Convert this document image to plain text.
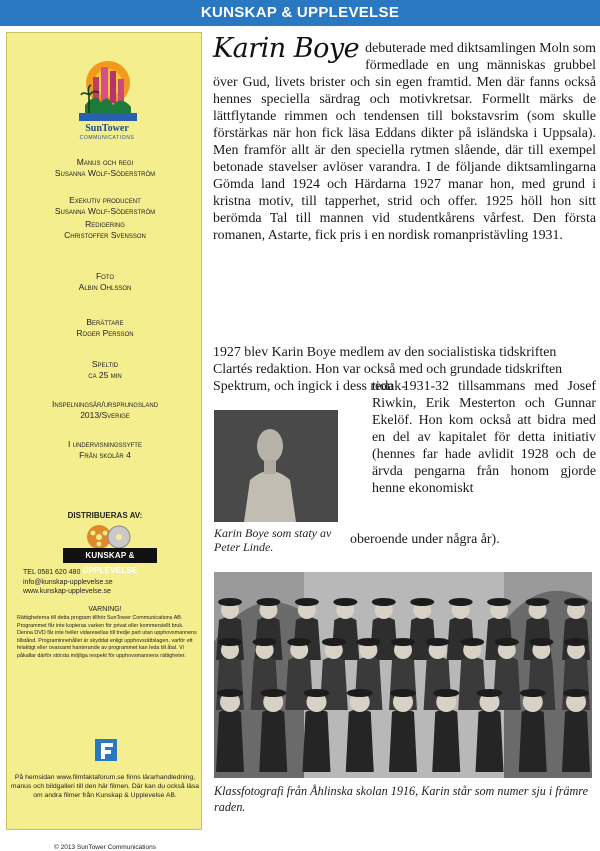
KUNSKAP & UPPLEVELSE
SunTower
COMMUNICATIONS
Manus och regi
Susanna Wolf-Söderström
Exekutiv producent
Susanna Wolf-Söderström
Redigering
Christoffer Svensson
Foto
Albin Ohlsson
Berättare
Roger Persson
Speltid
ca 25 min
Inspelningsår/ursprungsland
2013/Sverige
I undervisningssyfte
Från skolår 4
DISTRIBUERAS AV:
KUNSKAP & UPPLEVELSE
TEL 0581 620 480
info@kunskap-upplevelse.se
www.kunskap-upplevelse.se
VARNING!
Rättigheterna till detta program tillhör SunTower Communications AB. Programmet får inte kopieras varken för privat eller kommersiellt bruk. Denna DVD får inte heller vidareselias till tredje part utan upphovsmannens tillstånd. Programinnehållet är skyddat enligt upphovsrättslagen, varför ett felaktigt eller ovarsamt hanterande av programmet kan leda till åtal. Vi påkallar därför största möjliga respekt för upphovsmannens rättigheter.
På hemsidan www.filmfaktaforum.se finns lärarhandledning, manus och bildgalleri till den här filmen. Där kan du också läsa om andra filmer från Kunskap & Upplevelse AB.
© 2013 SunTower Communications
Karin Boye debuterade med diktsamlingen Moln som förmedlade en ung människas grubbel över Gud, livets brister och sin egen framtid. Men där fanns också hennes speciella särdrag och motivkretsar. Formellt märks de lättflytande rimmen och tendensen till bokstavsrim (som skulle förstärkas när hon fick läsa Eddans dikter på isländska i Uppsala). Men framför allt är den speciella rytmen slående, där till exempel betonade stavelser avlöser varandra. I de följande diktsamlingarna Gömda land 1924 och Härdarna 1927 manar hon, med grund i kristna motiv, till tapperhet, strid och offer. 1925 höll hon sitt berömda Tal till mannen vid studentkårens vårfest. Den första romanen, Astarte, fick pris i en nordisk romanpristävling 1931.
1927 blev Karin Boye medlem av den socialistiska tidskriften Clartés redaktion. Hon var också med och grundade tidskriften Spektrum, och ingick i dess redak-
Karin Boye som staty av Peter Linde.
tion 1931-32 tillsammans med Josef Riwkin, Erik Mesterton och Gunnar Ekelöf. Hon kom också att bidra med en del av kapitalet för detta initiativ (hennes far hade avlidit 1928 och de ärvda pengarna från honom gjorde henne ekonomiskt
oberoende under några år).
Klassfotografi från Åhlinska skolan 1916, Karin står som numer sju i främre raden.
